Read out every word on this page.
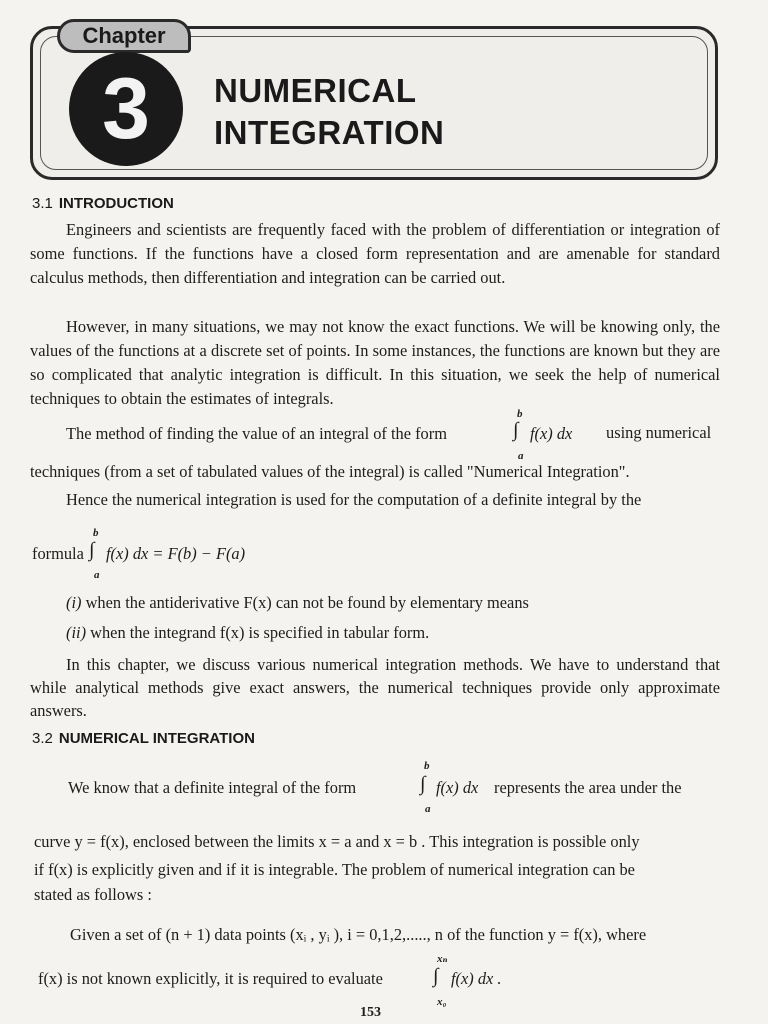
Chapter
3	NUMERICAL
INTEGRATION
3.1 INTRODUCTION
Engineers and scientists are frequently faced with the problem of differentiation or integration of some functions. If the functions have a closed form representation and are amenable for standard calculus methods, then differentiation and integration can be carried out.
However, in many situations, we may not know the exact functions. We will be knowing only, the values of the functions at a discrete set of points. In some instances, the functions are known but they are so complicated that analytic integration is difficult. In this situation, we seek the help of numerical techniques to obtain the estimates of integrals.
The method of finding the value of an integral of the form
b
∫
a
f(x) dx using numerical
techniques (from a set of tabulated values of the integral) is called "Numerical Integration".
Hence the numerical integration is used for the computation of a definite integral by the
formula
b
∫
a
f(x) dx = F(b) − F(a)
(i) when the antiderivative F(x) can not be found by elementary means
(ii) when the integrand f(x) is specified in tabular form.
In this chapter, we discuss various numerical integration methods. We have to understand that while analytical methods give exact answers, the numerical techniques provide only approximate answers.
3.2 NUMERICAL INTEGRATION
We know that a definite integral of the form
b
∫
a
f(x) dx represents the area under the
curve y = f(x), enclosed between the limits x = a and x = b . This integration is possible only
if f(x) is explicitly given and if it is integrable. The problem of numerical integration can be
stated as follows :
Given a set of (n + 1) data points (xᵢ , yᵢ ), i = 0,1,2,....., n of the function y = f(x), where
f(x) is not known explicitly, it is required to evaluate
xₙ
∫
x₀
f(x) dx .
153
